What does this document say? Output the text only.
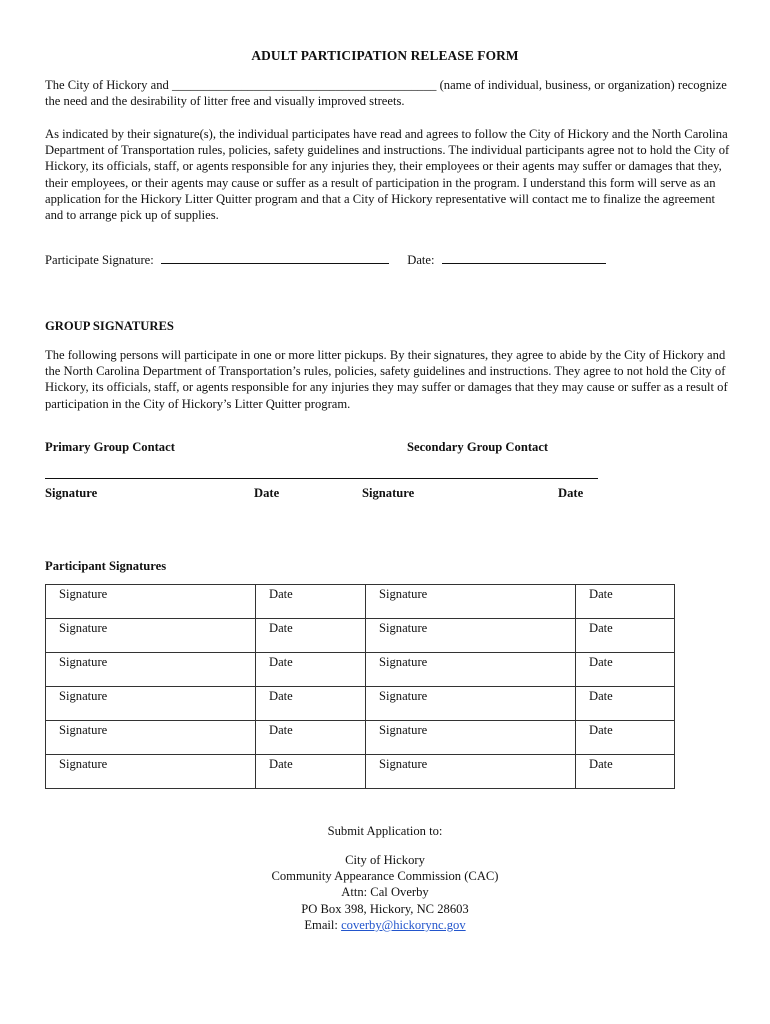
ADULT PARTICIPATION RELEASE FORM
The City of Hickory and __________________________________________ (name of individual, business, or organization) recognize the need and the desirability of litter free and visually improved streets.
As indicated by their signature(s), the individual participates have read and agrees to follow the City of Hickory and the North Carolina Department of Transportation rules, policies, safety guidelines and instructions. The individual participants agree not to hold the City of Hickory, its officials, staff, or agents responsible for any injuries they, their employees or their agents may suffer or damages that they, their employees, or their agents may cause or suffer as a result of participation in the program. I understand this form will serve as an application for the Hickory Litter Quitter program and that a City of Hickory representative will contact me to finalize the agreement and to arrange pick up of supplies.
Participate Signature:	Date:
GROUP SIGNATURES
The following persons will participate in one or more litter pickups. By their signatures, they agree to abide by the City of Hickory and the North Carolina Department of Transportation’s rules, policies, safety guidelines and instructions. They agree to not hold the City of Hickory, its officials, staff, or agents responsible for any injuries they may suffer or damages that they may cause or suffer as a result of participation in the City of Hickory’s Litter Quitter program.
Primary Group Contact	Secondary Group Contact
Signature	Date	Signature	Date
Participant Signatures
Signature	Date	Signature	Date
Signature	Date	Signature	Date
Signature	Date	Signature	Date
Signature	Date	Signature	Date
Signature	Date	Signature	Date
Signature	Date	Signature	Date
Submit Application to:
City of Hickory
Community Appearance Commission (CAC)
Attn: Cal Overby
PO Box 398, Hickory, NC 28603
Email: coverby@hickorync.gov
